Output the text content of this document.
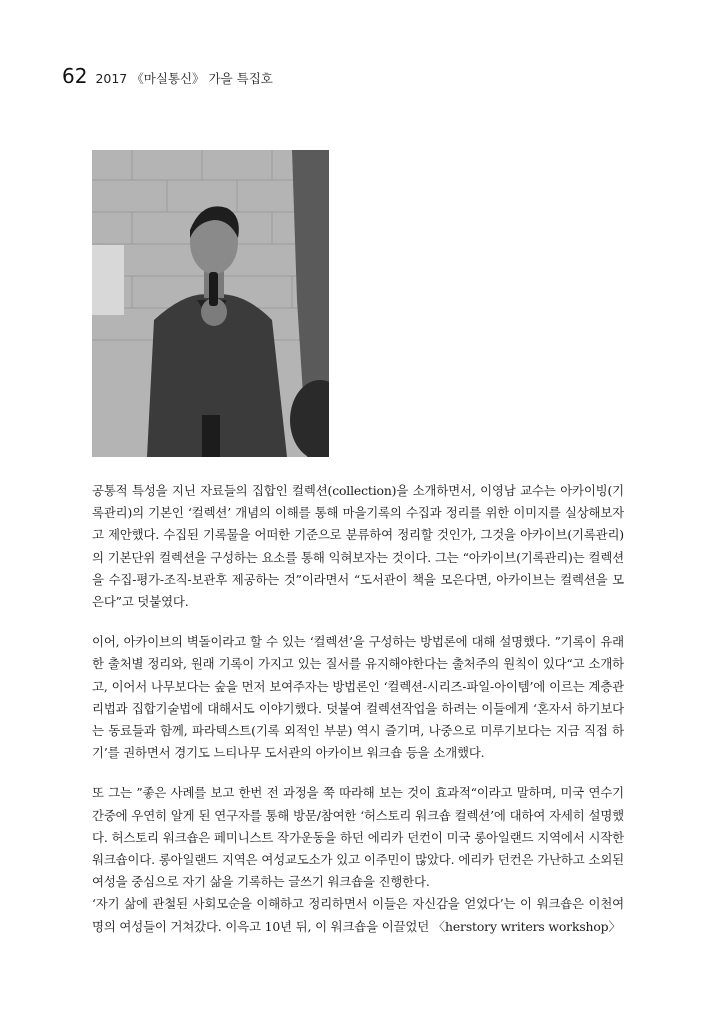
62 2017 《마실통신》 가을 특집호

공통적 특성을 지닌 자료들의 집합인 컬렉션(collection)을 소개하면서, 이영남 교수는 아카이빙(기록관리)의 기본인 ‘컬렉션’ 개념의 이해를 통해 마을기록의 수집과 정리를 위한 이미지를 실상해보자고 제안했다. 수집된 기록물을 어떠한 기준으로 분류하여 정리할 것인가, 그것을 아카이브(기록관리)의 기본단위 컬렉션을 구성하는 요소를 통해 익혀보자는 것이다. 그는 “아카이브(기록관리)는 컬렉션을 수집-평가-조직-보관후 제공하는 것”이라면서 “도서관이 책을 모은다면, 아카이브는 컬렉션을 모은다”고 덧붙였다.

이어, 아카이브의 벽돌이라고 할 수 있는 ‘컬렉션’을 구성하는 방법론에 대해 설명했다. ”기록이 유래한 출처별 정리와, 원래 기록이 가지고 있는 질서를 유지해야한다는 출처주의 원칙이 있다“고 소개하고, 이어서 나무보다는 숲을 먼저 보여주자는 방법론인 ‘컬렉션-시리즈-파일-아이템’에 이르는 계층관리법과 집합기술법에 대해서도 이야기했다. 덧붙여 컬렉션작업을 하려는 이들에게 ‘혼자서 하기보다는 동료들과 함께, 파라텍스트(기록 외적인 부분) 역시 즐기며, 나중으로 미루기보다는 지금 직접 하기’를 권하면서 경기도 느티나무 도서관의 아카이브 워크숍 등을 소개했다.

또 그는 ”좋은 사례를 보고 한번 전 과정을 쭉 따라해 보는 것이 효과적“이라고 말하며, 미국 연수기간중에 우연히 알게 된 연구자를 통해 방문/참여한 ‘허스토리 워크숍 컬렉션’에 대하여 자세히 설명했다. 허스토리 워크숍은 페미니스트 작가운동을 하던 에리카 던컨이 미국 롱아일랜드 지역에서 시작한 워크숍이다. 롱아일랜드 지역은 여성교도소가 있고 이주민이 많았다. 에리카 던컨은 가난하고 소외된 여성을 중심으로 자기 삶을 기록하는 글쓰기 워크숍을 진행한다.

‘자기 삶에 관철된 사회모순을 이해하고 정리하면서 이들은 자신감을 얻었다’는 이 워크숍은 이천여명의 여성들이 거쳐갔다. 이윽고 10년 뒤, 이 워크숍을 이끌었던 〈herstory writers workshop〉
